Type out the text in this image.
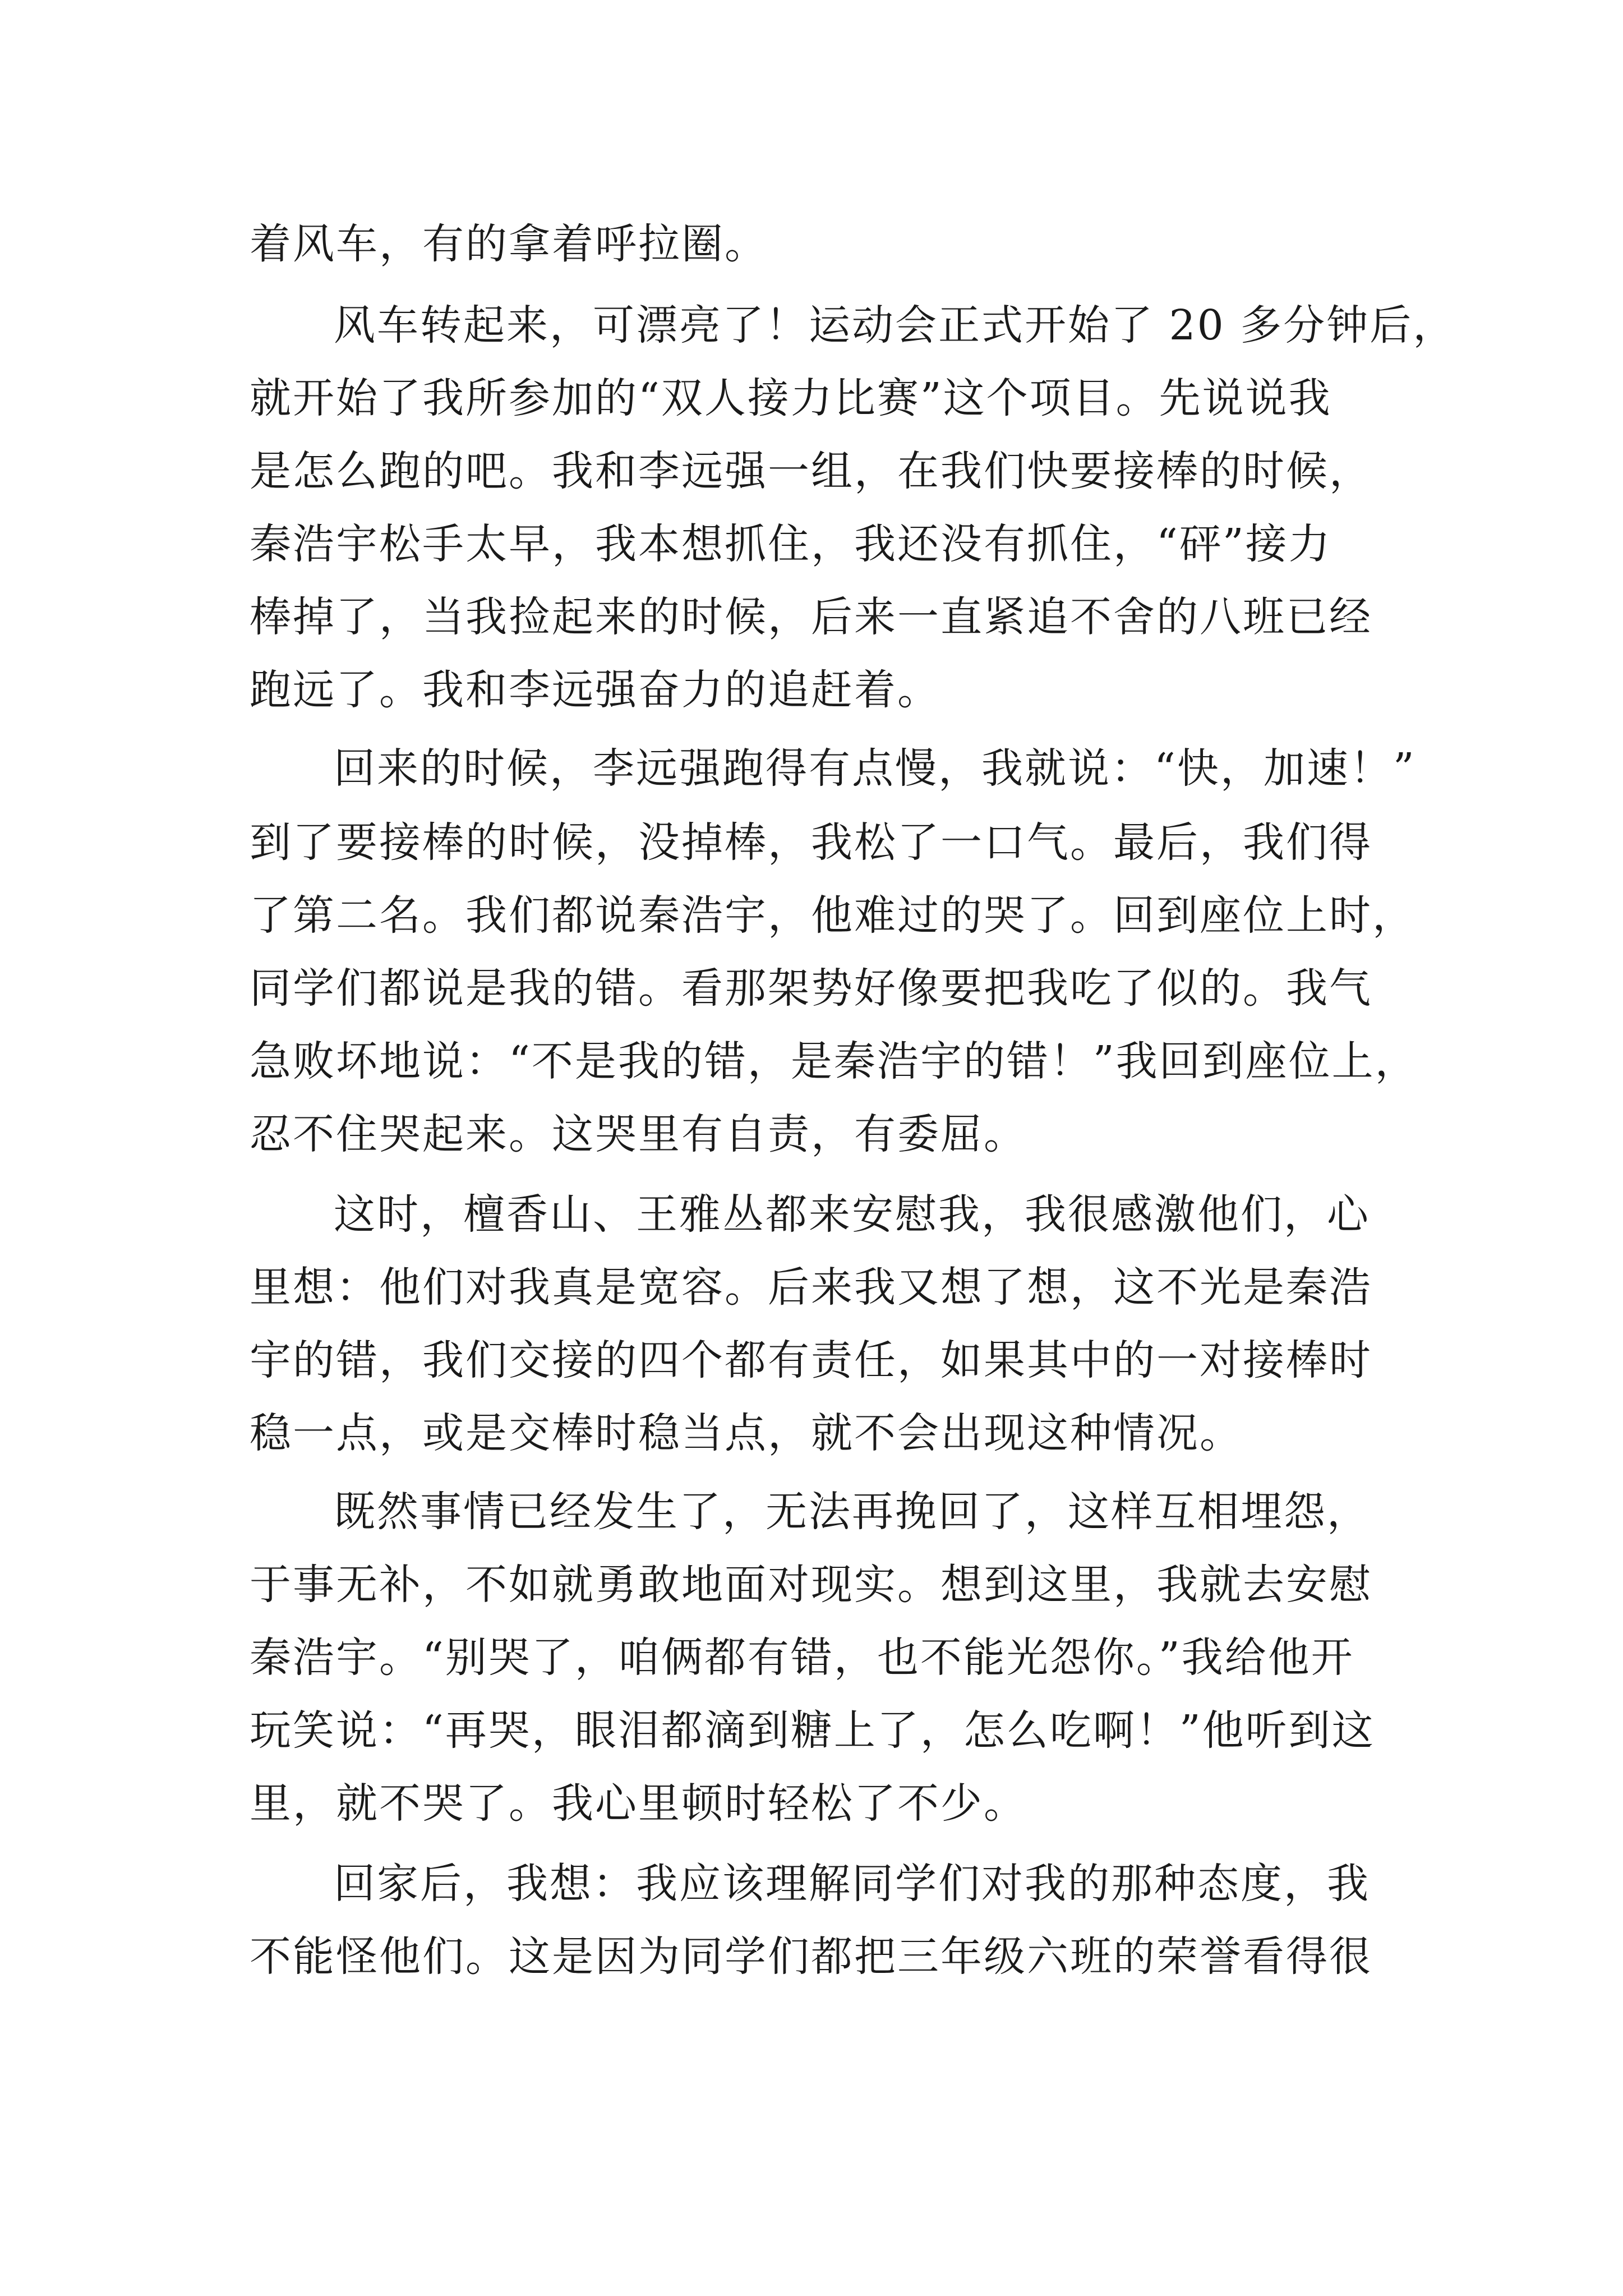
着风车，有的拿着呼拉圈。
风车转起来，可漂亮了！运动会正式开始了 20 多分钟后，
就开始了我所参加的“双人接力比赛”这个项目。先说说我
是怎么跑的吧。我和李远强一组，在我们快要接棒的时候，
秦浩宇松手太早，我本想抓住，我还没有抓住，“砰”接力
棒掉了，当我捡起来的时候，后来一直紧追不舍的八班已经
跑远了。我和李远强奋力的追赶着。
回来的时候，李远强跑得有点慢，我就说：“快，加速！”
到了要接棒的时候，没掉棒，我松了一口气。最后，我们得
了第二名。我们都说秦浩宇，他难过的哭了。回到座位上时，
同学们都说是我的错。看那架势好像要把我吃了似的。我气
急败坏地说：“不是我的错，是秦浩宇的错！”我回到座位上，
忍不住哭起来。这哭里有自责，有委屈。
这时，檀香山、王雅丛都来安慰我，我很感激他们，心
里想：他们对我真是宽容。后来我又想了想，这不光是秦浩
宇的错，我们交接的四个都有责任，如果其中的一对接棒时
稳一点，或是交棒时稳当点，就不会出现这种情况。
既然事情已经发生了，无法再挽回了，这样互相埋怨，
于事无补，不如就勇敢地面对现实。想到这里，我就去安慰
秦浩宇。“别哭了，咱俩都有错，也不能光怨你。”我给他开
玩笑说：“再哭，眼泪都滴到糖上了，怎么吃啊！”他听到这
里，就不哭了。我心里顿时轻松了不少。
回家后，我想：我应该理解同学们对我的那种态度，我
不能怪他们。这是因为同学们都把三年级六班的荣誉看得很
